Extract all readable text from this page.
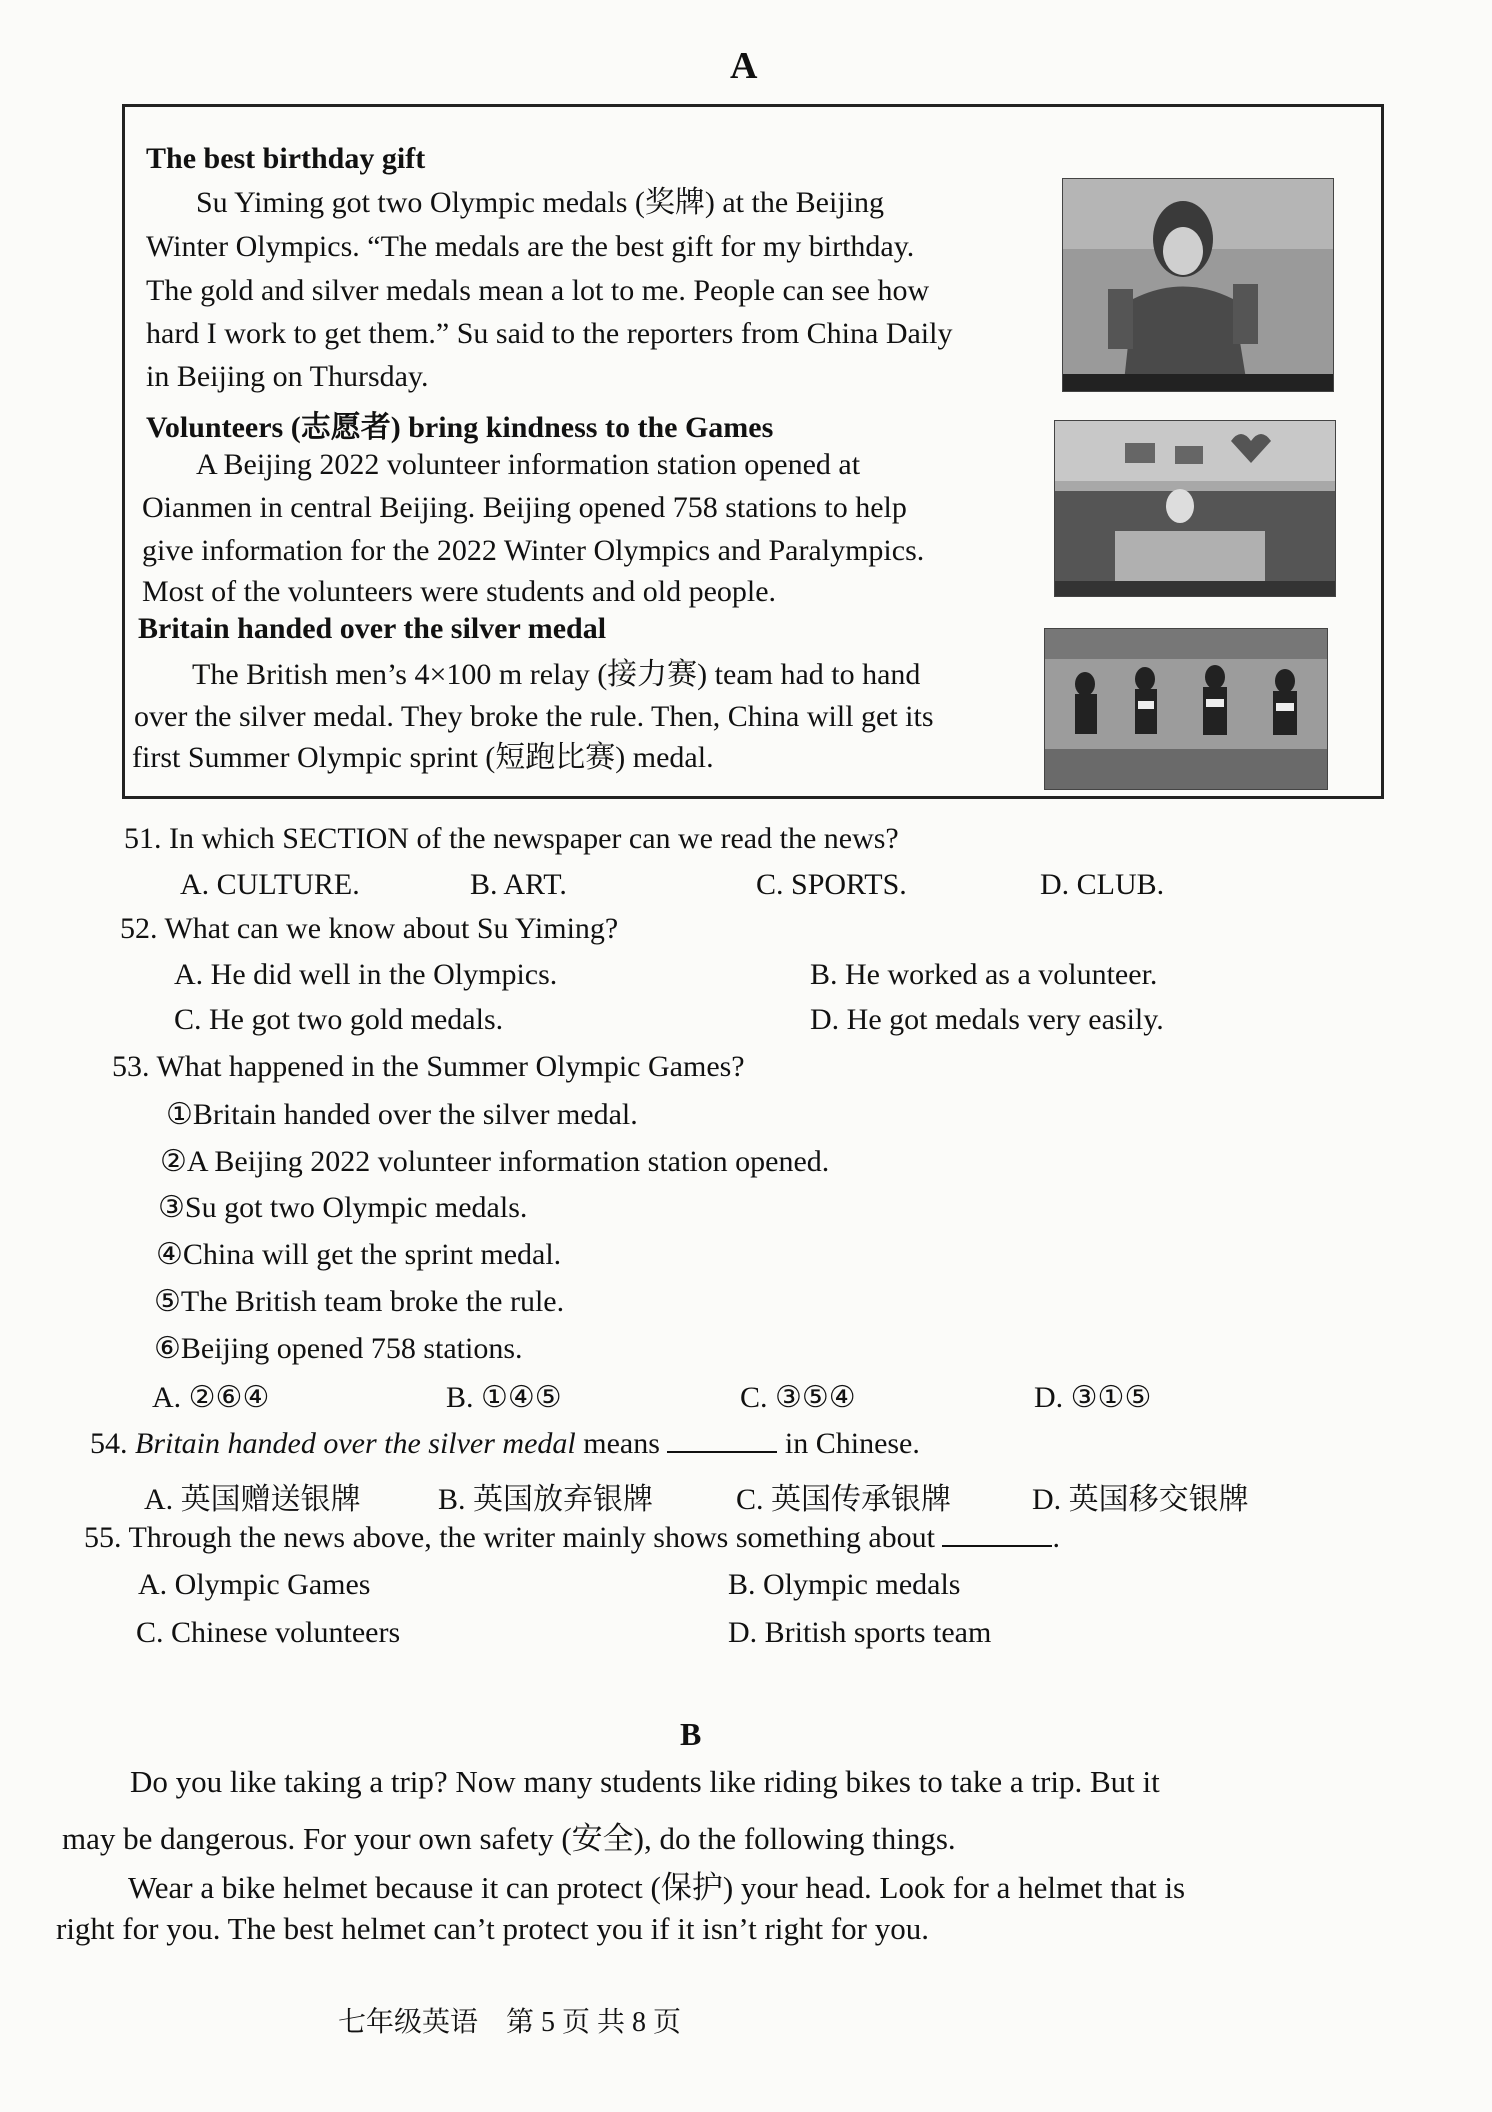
A
The best birthday gift
Su Yiming got two Olympic medals (奖牌) at the Beijing
Winter Olympics. “The medals are the best gift for my birthday.
The gold and silver medals mean a lot to me. People can see how
hard I work to get them.” Su said to the reporters from China Daily
in Beijing on Thursday.
Volunteers (志愿者) bring kindness to the Games
A Beijing 2022 volunteer information station opened at
Oianmen in central Beijing. Beijing opened 758 stations to help
give information for the 2022 Winter Olympics and Paralympics.
Most of the volunteers were students and old people.
Britain handed over the silver medal
The British men’s 4×100 m relay (接力赛) team had to hand
over the silver medal. They broke the rule. Then, China will get its
first Summer Olympic sprint (短跑比赛) medal.
51. In which SECTION of the newspaper can we read the news?
A. CULTURE.	B. ART.	C. SPORTS.	D. CLUB.
52. What can we know about Su Yiming?
A. He did well in the Olympics.	B. He worked as a volunteer.
C. He got two gold medals.	D. He got medals very easily.
53. What happened in the Summer Olympic Games?
①Britain handed over the silver medal.
②A Beijing 2022 volunteer information station opened.
③Su got two Olympic medals.
④China will get the sprint medal.
⑤The British team broke the rule.
⑥Beijing opened 758 stations.
A. ②⑥④	B. ①④⑤	C. ③⑤④	D. ③①⑤
54. Britain handed over the silver medal means	in Chinese.
A. 英国赠送银牌	B. 英国放弃银牌	C. 英国传承银牌	D. 英国移交银牌
55. Through the news above, the writer mainly shows something about	.
A. Olympic Games	B. Olympic medals
C. Chinese volunteers	D. British sports team
B
Do you like taking a trip? Now many students like riding bikes to take a trip. But it
may be dangerous. For your own safety (安全), do the following things.
Wear a bike helmet because it can protect (保护) your head. Look for a helmet that is
right for you. The best helmet can’t protect you if it isn’t right for you.
七年级英语    第 5 页 共 8 页
